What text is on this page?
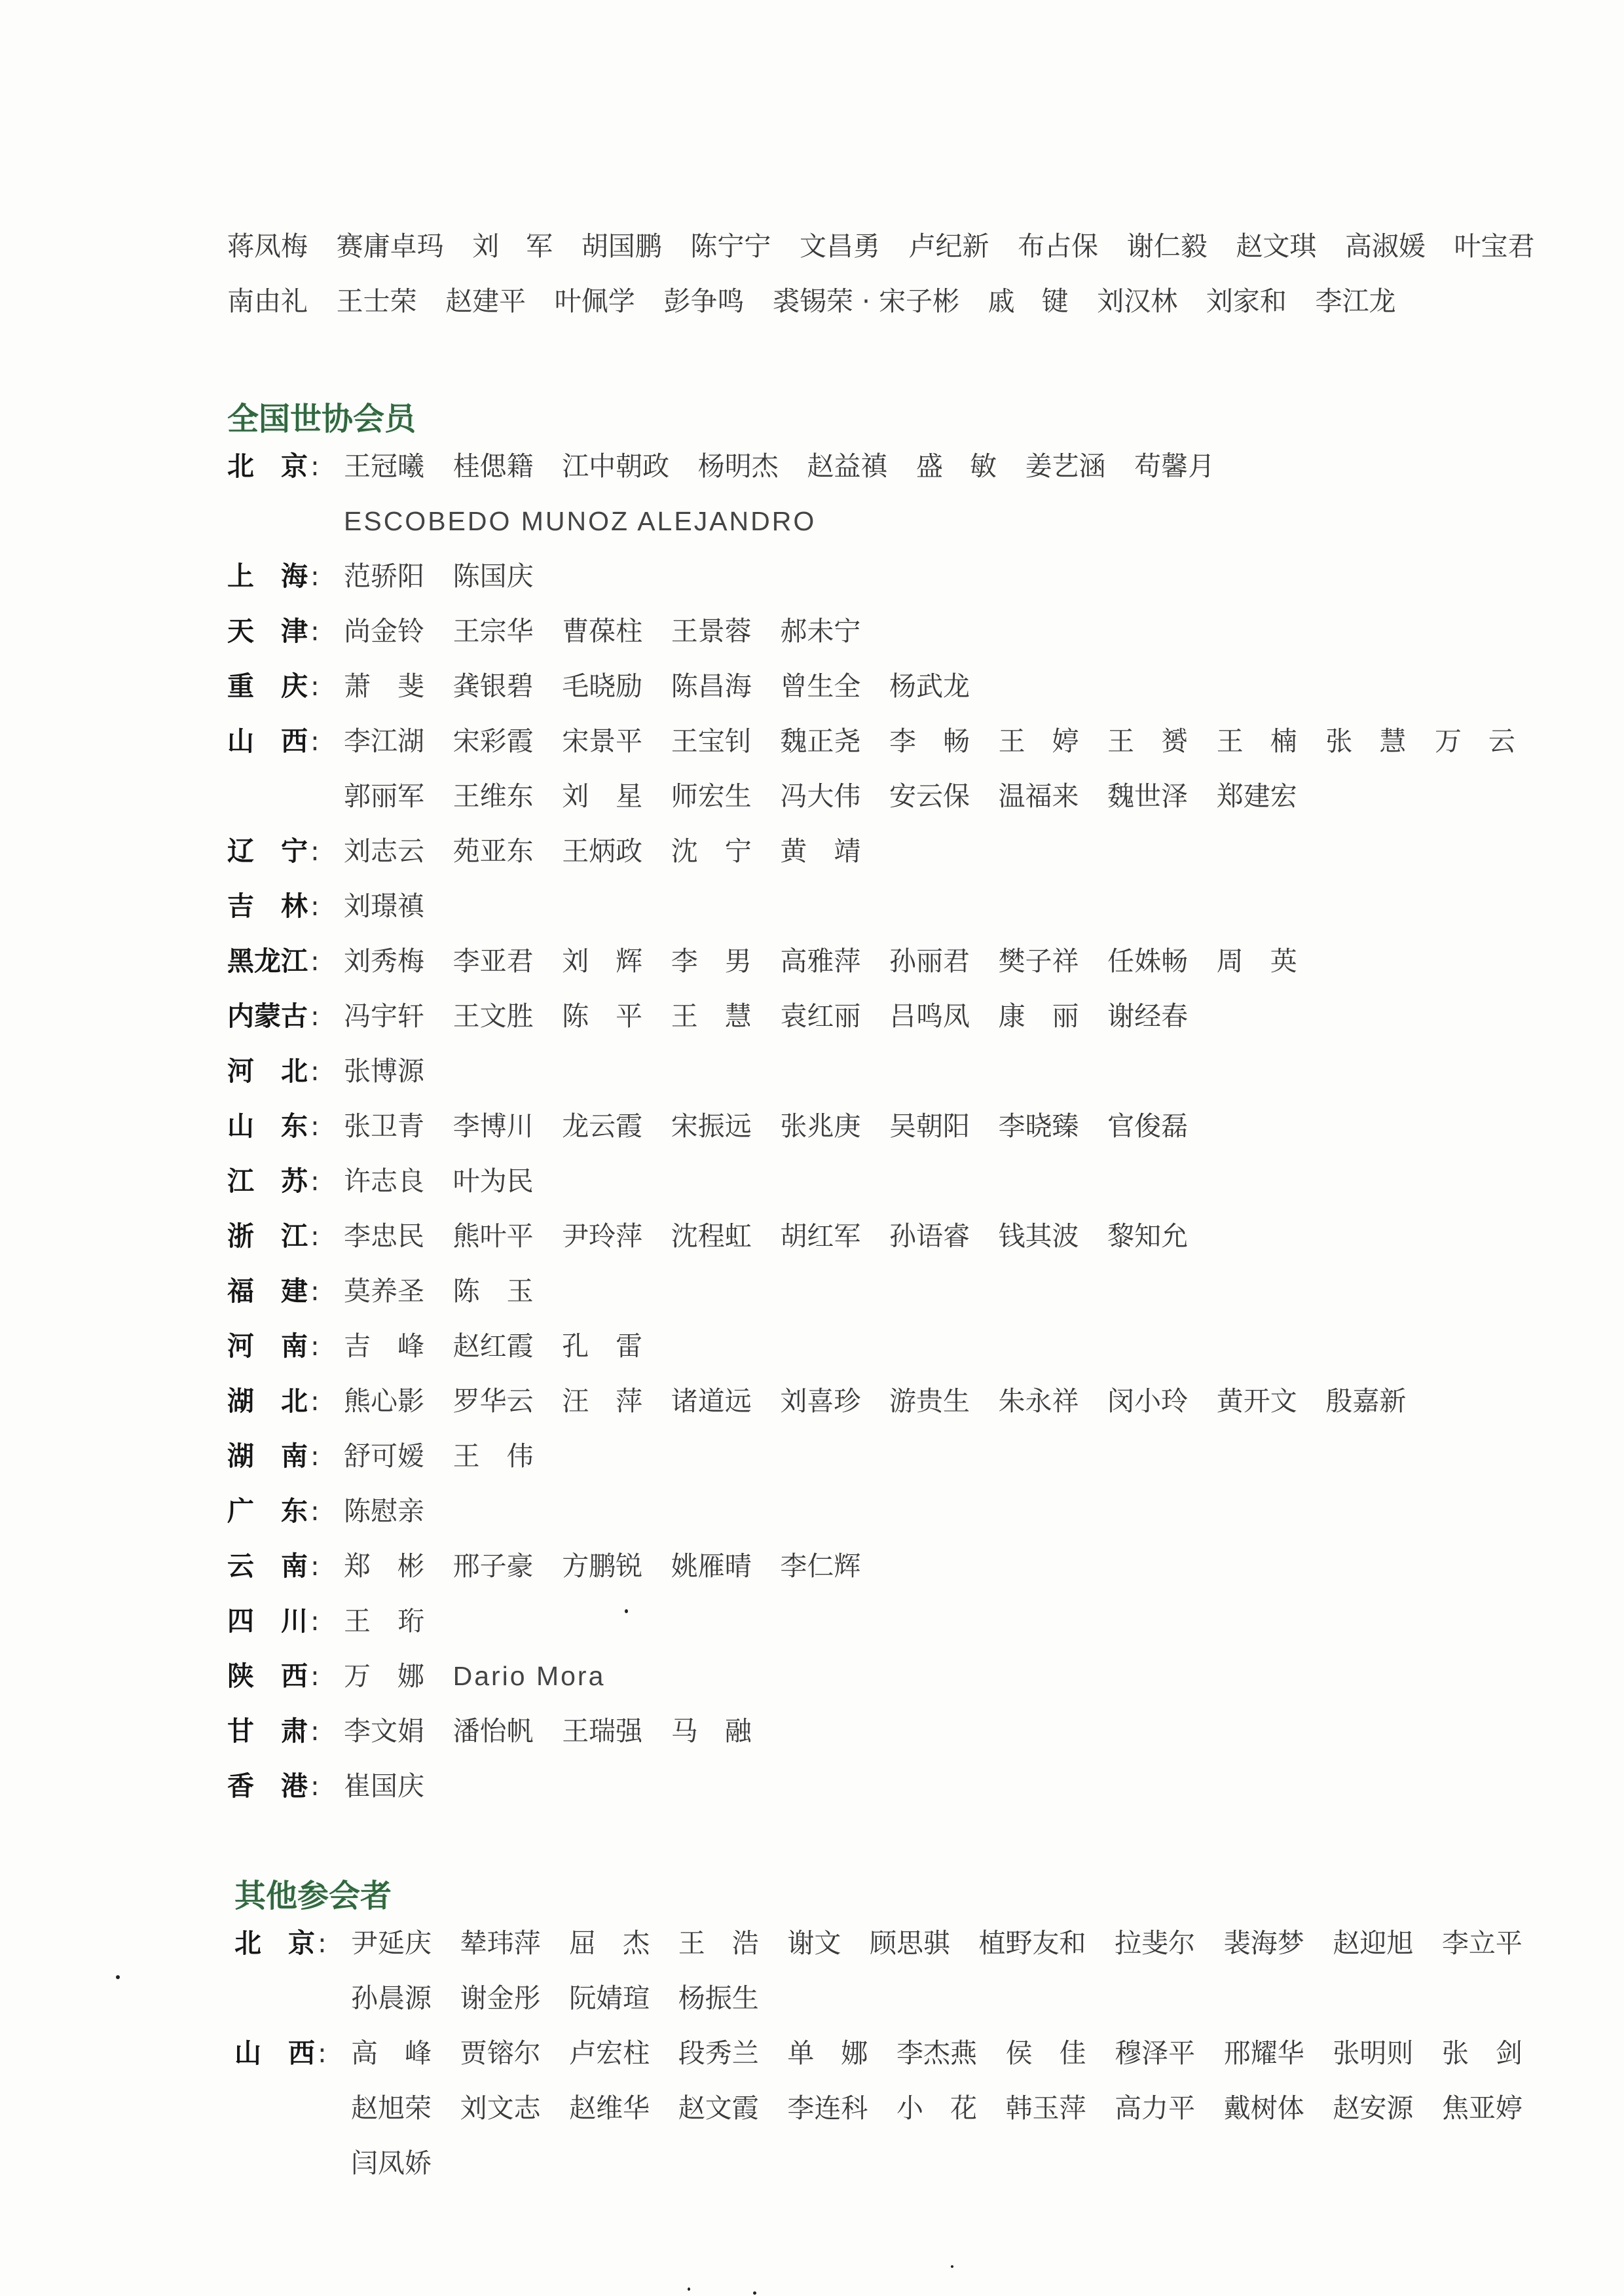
蒋凤梅 赛庸卓玛 刘 军 胡国鹏 陈宁宁 文昌勇 卢纪新 布占保 谢仁毅 赵文琪 高淑媛 叶宝君
南由礼 王士荣 赵建平 叶佩学 彭争鸣 裘锡荣 · 宋子彬 戚 键 刘汉林 刘家和 李江龙
全国世协会员
北 京 : 王冠曦 桂偲籍 江中朝政 杨明杰 赵益禛 盛 敏 姜艺涵 苟馨月
ESCOBEDO MUNOZ ALEJANDRO
上 海 : 范骄阳 陈国庆
天 津 : 尚金铃 王宗华 曹葆柱 王景蓉 郝未宁
重 庆 : 萧 斐 龚银碧 毛晓励 陈昌海 曾生全 杨武龙
山 西 : 李江湖 宋彩霞 宋景平 王宝钊 魏正尧 李 畅 王 婷 王 赟 王 楠 张 慧 万 云
郭丽军 王维东 刘 星 师宏生 冯大伟 安云保 温福来 魏世泽 郑建宏
辽 宁 : 刘志云 苑亚东 王炳政 沈 宁 黄 靖
吉 林 : 刘璟禛
黑龙江 : 刘秀梅 李亚君 刘 辉 李 男 高雅萍 孙丽君 樊子祥 任姝畅 周 英
内蒙古 : 冯宇轩 王文胜 陈 平 王 慧 袁红丽 吕鸣凤 康 丽 谢经春
河 北 : 张博源
山 东 : 张卫青 李博川 龙云霞 宋振远 张兆庚 吴朝阳 李晓臻 官俊磊
江 苏 : 许志良 叶为民
浙 江 : 李忠民 熊叶平 尹玲萍 沈程虹 胡红军 孙语睿 钱其波 黎知允
福 建 : 莫养圣 陈 玉
河 南 : 吉 峰 赵红霞 孔 雷
湖 北 : 熊心影 罗华云 汪 萍 诸道远 刘喜珍 游贵生 朱永祥 闵小玲 黄开文 殷嘉新
湖 南 : 舒可嫒 王 伟
广 东 : 陈慰亲
云 南 : 郑 彬 邢子豪 方鹏锐 姚雁晴 李仁辉
四 川 : 王 珩
陕 西 : 万 娜 Dario Mora
甘 肃 : 李文娟 潘怡帆 王瑞强 马 融
香 港 : 崔国庆
其他参会者
北 京 : 尹延庆 辇玮萍 屈 杰 王 浩 谢文 顾思骐 植野友和 拉斐尔 裴海梦 赵迎旭 李立平
孙晨源 谢金彤 阮婧瑄 杨振生
山 西 : 高 峰 贾镕尔 卢宏柱 段秀兰 单 娜 李杰燕 侯 佳 穆泽平 邢耀华 张明则 张 剑
赵旭荣 刘文志 赵维华 赵文霞 李连科 小 花 韩玉萍 高力平 戴树体 赵安源 焦亚婷
闫凤娇
